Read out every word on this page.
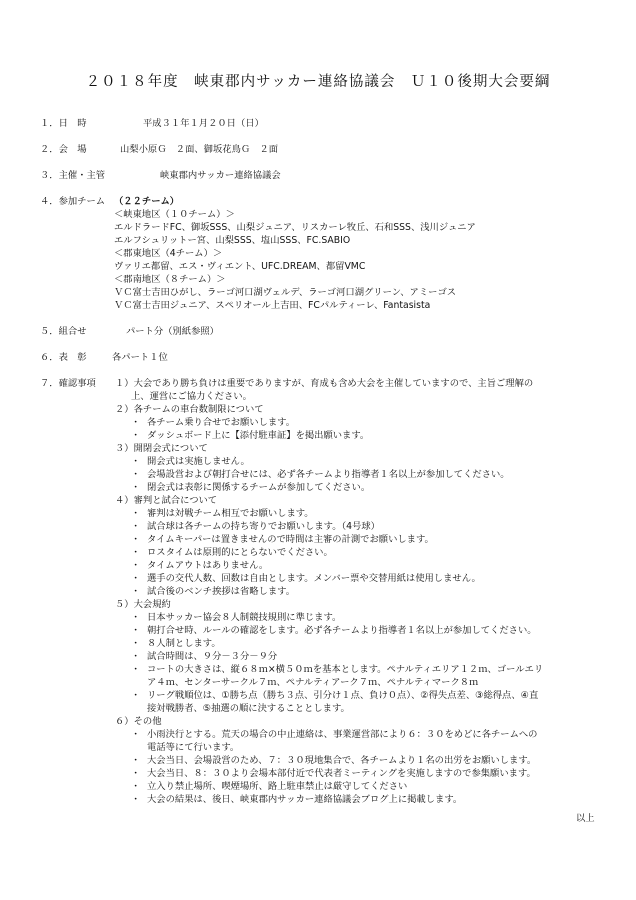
２０１８年度　峡東郡内サッカー連絡協議会　Ｕ１０後期大会要綱
１．日　時	平成３１年１月２０日（日）
２．会　場	山梨小原Ｇ　２面、御坂花鳥Ｇ　２面
３．主催・主管	峡東郡内サッカー連絡協議会
４．参加チーム （２２チーム）
＜峡東地区（１０チーム）＞
エルドラードFC、御坂SSS、山梨ジュニア、リスカーレ牧丘、石和SSS、浅川ジュニア
エルフシュリットー宮、山梨SSS、塩山SSS、FC.SABIO
＜郡東地区（4チーム）＞
ヴァリエ都留、エス・ヴィエント、UFC.DREAM、都留VMC
＜郡南地区（８チーム）＞
ＶＣ富士吉田ひがし、ラーゴ河口湖ヴェルデ、ラーゴ河口湖グリーン、アミーゴス
ＶＣ富士吉田ジュニア、スペリオール上吉田、FCパルティーレ、Fantasista
５．組合せ	パート分（別紙参照）
６．表　彰	各パート１位
７．確認事項 １）大会であり勝ち負けは重要でありますが、育成も含め大会を主催していますので、主旨ご理解の
上、運営にご協力ください。
２）各チームの車台数制限について
・ 各チーム乗り合せでお願いします。
・ ダッシュボード上に【添付駐車証】を掲出願います。
３）開閉会式について
・ 開会式は実施しません。
・ 会場設営および朝打合せには、必ず各チームより指導者１名以上が参加してください。
・ 閉会式は表彰に関係するチームが参加してください。
４）審判と試合について
・ 審判は対戦チーム相互でお願いします。
・ 試合球は各チームの持ち寄りでお願いします。（4号球）
・ タイムキーパーは置きませんので時間は主審の計測でお願いします。
・ ロスタイムは原則的にとらないでください。
・ タイムアウトはありません。
・ 選手の交代人数、回数は自由とします。メンバー票や交替用紙は使用しません。
・ 試合後のベンチ挨拶は省略します。
５）大会規約
・ 日本サッカー協会８人制競技規則に準じます。
・ 朝打合せ時、ルールの確認をします。必ず各チームより指導者１名以上が参加してください。
・ ８人制とします。
・ 試合時間は、９分－３分－９分
・ コートの大きさは、縦６８ｍ×横５０ｍを基本とします。ペナルティエリア１２ｍ、ゴールエリ
ア４ｍ、センターサークル７ｍ、ペナルティアーク７ｍ、ペナルティマーク８ｍ
・ リーグ戦順位は、①勝ち点（勝ち３点、引分け１点、負け０点）、②得失点差、③総得点、④直
接対戦勝者、⑤抽選の順に決することとします。
６）その他
・ 小雨決行とする。荒天の場合の中止連絡は、事業運営部により６：３０をめどに各チームへの
電話等にて行います。
・ 大会当日、会場設営のため、７：３０現地集合で、各チームより１名の出労をお願いします。
・ 大会当日、８：３０より会場本部付近で代表者ミーティングを実施しますので参集願います。
・ 立入り禁止場所、喫煙場所、路上駐車禁止は厳守してください
・ 大会の結果は、後日、峡東郡内サッカー連絡協議会ブログ上に掲載します。
以上
